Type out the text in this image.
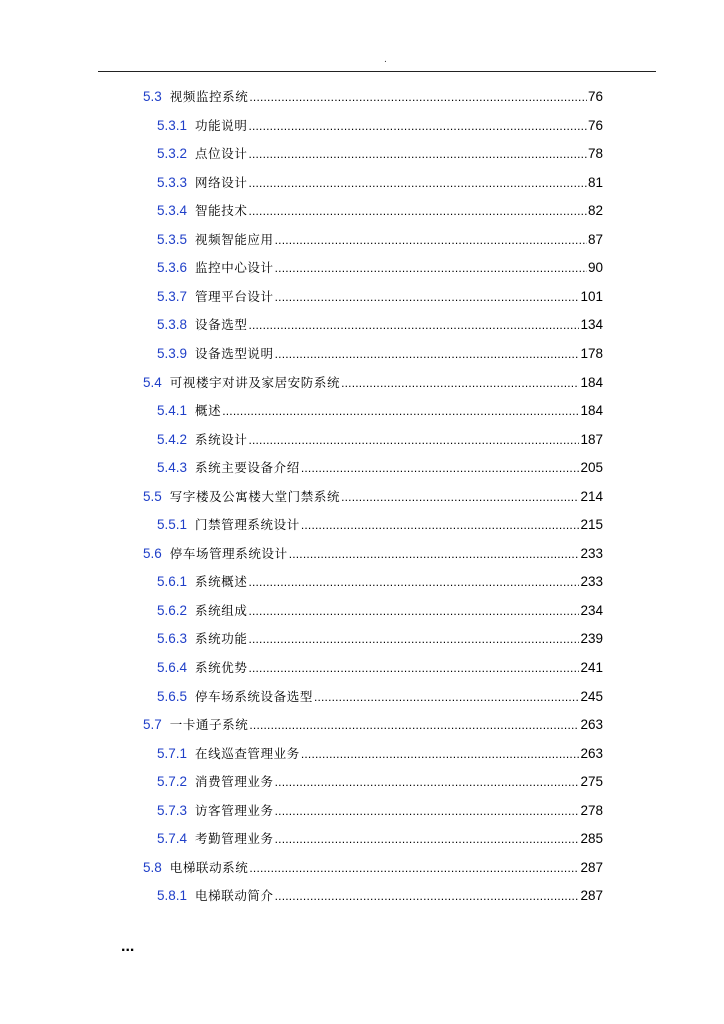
.
5.3 视频监控系统 .....	76
5.3.1 功能说明 .....	76
5.3.2 点位设计 .....	78
5.3.3 网络设计 .....	81
5.3.4 智能技术 .....	82
5.3.5 视频智能应用 .....	87
5.3.6 监控中心设计 .....	90
5.3.7 管理平台设计 .....	101
5.3.8 设备选型 .....	134
5.3.9 设备选型说明 .....	178
5.4 可视楼宇对讲及家居安防系统 .....	184
5.4.1 概述 .....	184
5.4.2 系统设计 .....	187
5.4.3 系统主要设备介绍 .....	205
5.5 写字楼及公寓楼大堂门禁系统 .....	214
5.5.1 门禁管理系统设计 .....	215
5.6 停车场管理系统设计 .....	233
5.6.1 系统概述 .....	233
5.6.2 系统组成 .....	234
5.6.3 系统功能 .....	239
5.6.4 系统优势 .....	241
5.6.5 停车场系统设备选型 .....	245
5.7 一卡通子系统 .....	263
5.7.1 在线巡查管理业务 .....	263
5.7.2 消费管理业务 .....	275
5.7.3 访客管理业务 .....	278
5.7.4 考勤管理业务 .....	285
5.8 电梯联动系统 .....	287
5.8.1 电梯联动简介 .....	287
...
